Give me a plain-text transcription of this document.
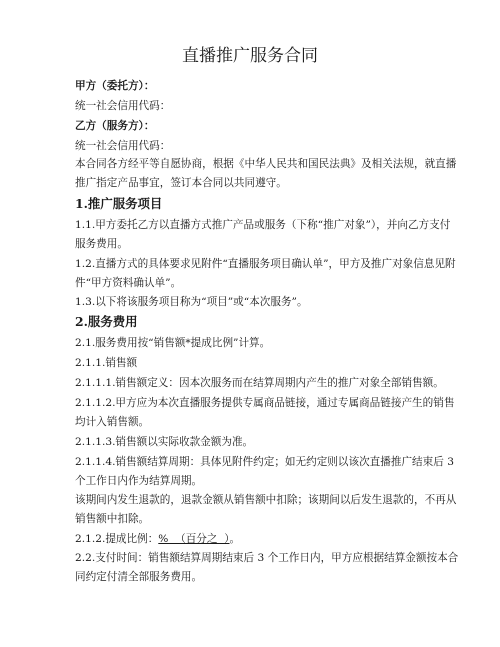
直播推广服务合同
甲方（委托方）：
统一社会信用代码：
乙方（服务方）：
统一社会信用代码：
本合同各方经平等自愿协商，根据《中华人民共和国民法典》及相关法规，就直播
推广指定产品事宜，签订本合同以共同遵守。
1.推广服务项目
1.1.甲方委托乙方以直播方式推广产品或服务（下称“推广对象”），并向乙方支付
服务费用。
1.2.直播方式的具体要求见附件“直播服务项目确认单”，甲方及推广对象信息见附
件“甲方资料确认单”。
1.3.以下将该服务项目称为“项目”或“本次服务”。
2.服务费用
2.1.服务费用按“销售额*提成比例”计算。
2.1.1.销售额
2.1.1.1.销售额定义：因本次服务而在结算周期内产生的推广对象全部销售额。
2.1.1.2.甲方应为本次直播服务提供专属商品链接，通过专属商品链接产生的销售
均计入销售额。
2.1.1.3.销售额以实际收款金额为准。
2.1.1.4.销售额结算周期：具体见附件约定；如无约定则以该次直播推广结束后 3
个工作日内作为结算周期。
该期间内发生退款的，退款金额从销售额中扣除；该期间以后发生退款的，不再从
销售额中扣除。
2.1.2.提成比例：%  （百分之  ）。
2.2.支付时间：销售额结算周期结束后 3 个工作日内，甲方应根据结算金额按本合
同约定付清全部服务费用。
